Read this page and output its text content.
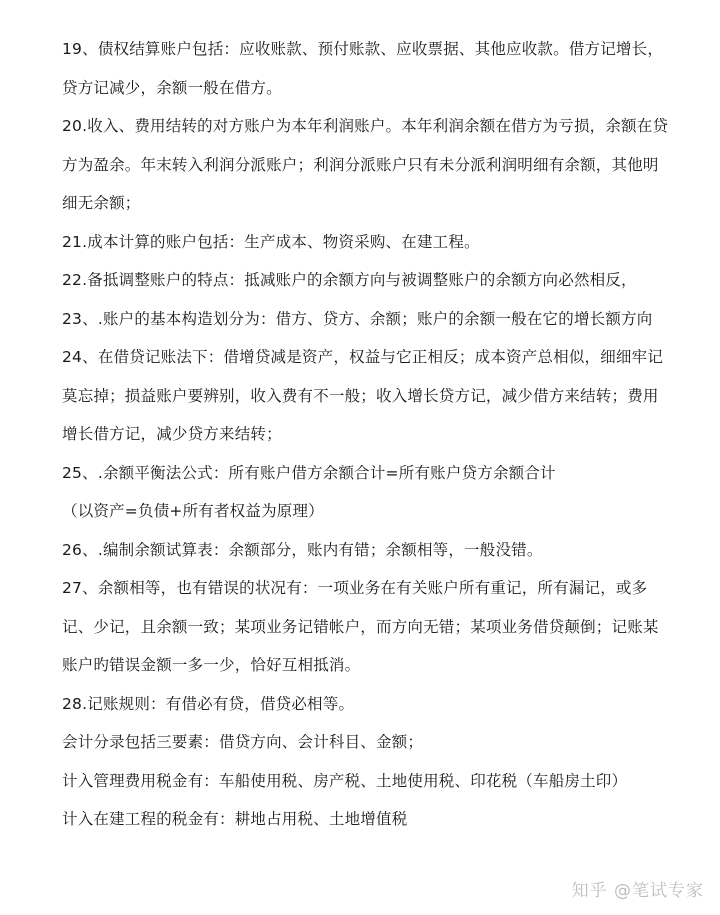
19、债权结算账户包括：应收账款、预付账款、应收票据、其他应收款。借方记增长，贷方记减少，余额一般在借方。

20.收入、费用结转的对方账户为本年利润账户。本年利润余额在借方为亏损，余额在贷方为盈余。年末转入利润分派账户；利润分派账户只有未分派利润明细有余额，其他明细无余额；

21.成本计算的账户包括：生产成本、物资采购、在建工程。

22.备抵调整账户的特点：抵减账户的余额方向与被调整账户的余额方向必然相反，

23、.账户的基本构造划分为：借方、贷方、余额；账户的余额一般在它的增长额方向

24、在借贷记账法下：借增贷减是资产，权益与它正相反；成本资产总相似，细细牢记莫忘掉；损益账户要辨别，收入费有不一般；收入增长贷方记，减少借方来结转；费用增长借方记，减少贷方来结转；

25、.余额平衡法公式：所有账户借方余额合计=所有账户贷方余额合计

（以资产=负债+所有者权益为原理）

26、.编制余额试算表：余额部分，账内有错；余额相等，一般没错。

27、余额相等，也有错误的状况有：一项业务在有关账户所有重记，所有漏记，或多记、少记，且余额一致；某项业务记错帐户，而方向无错；某项业务借贷颠倒；记账某账户旳错误金额一多一少，恰好互相抵消。

28.记账规则：有借必有贷，借贷必相等。

会计分录包括三要素：借贷方向、会计科目、金额；

计入管理费用税金有：车船使用税、房产税、土地使用税、印花税（车船房土印）

计入在建工程的税金有：耕地占用税、土地增值税

知乎 @笔试专家
